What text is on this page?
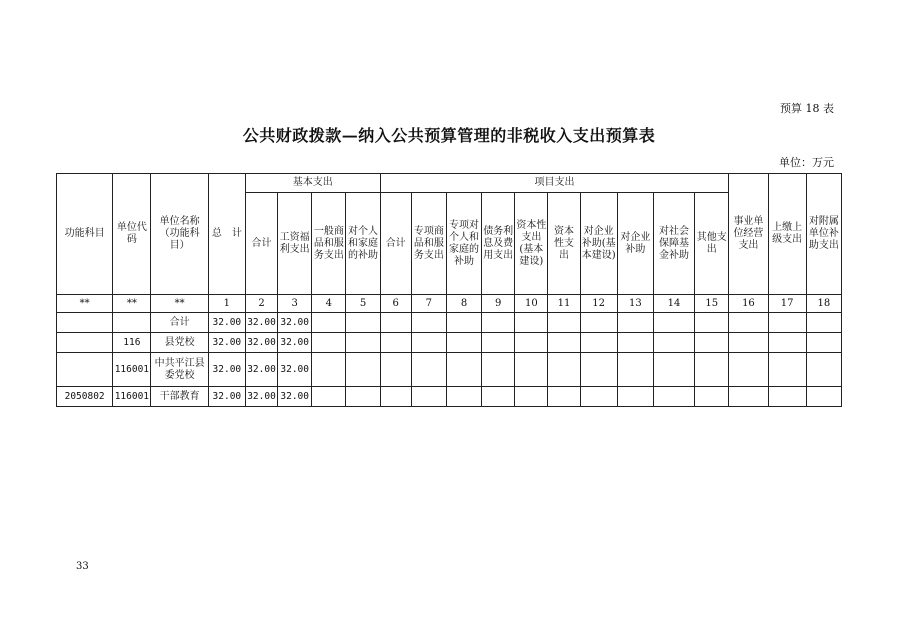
预算 18 表
公共财政拨款—纳入公共预算管理的非税收入支出预算表
单位：万元
功能科目	单位代码	单位名称（功能科目）	总　计	基本支出				项目支出										事业单位经营支出	上缴上级支出	对附属单位补助支出
				合计	工资福利支出	一般商品和服务支出	对个人和家庭的补助	合计	专项商品和服务支出	专项对个人和家庭的补助	债务利息及费用支出	资本性支出(基本建设)	资本性支出	对企业补助(基本建设)	对企业补助	对社会保障基金补助	其他支出			
**	**	**	1	2	3	4	5	6	7	8	9	10	11	12	13	14	15	16	17	18
		合计	32.00	32.00	32.00															
	116	县党校	32.00	32.00	32.00															
	116001	中共平江县委党校	32.00	32.00	32.00															
2050802	116001	干部教育	32.00	32.00	32.00															
33
